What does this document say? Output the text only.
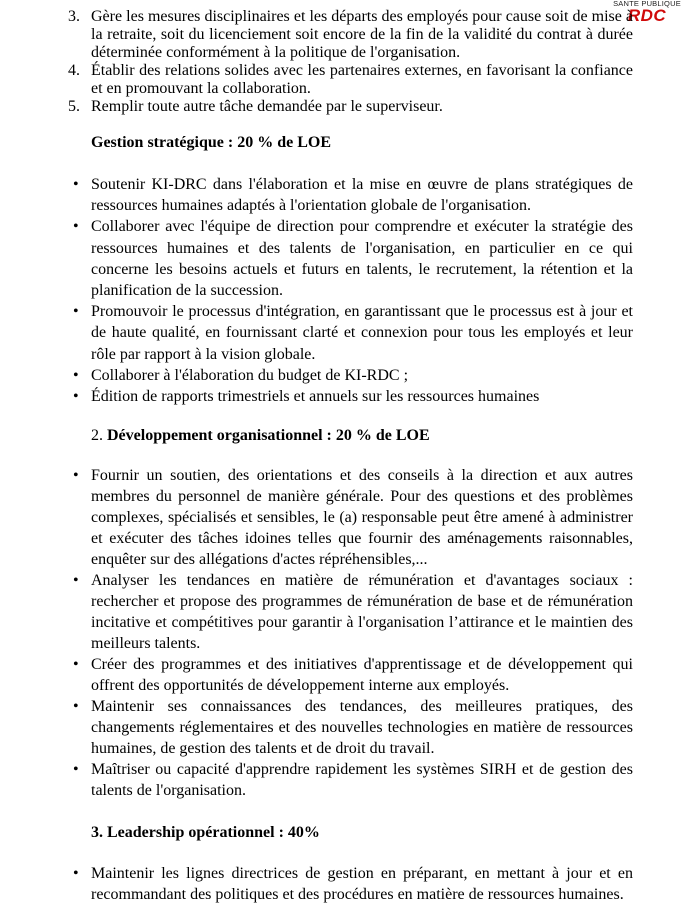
SANTE PUBLIQUE
RDC
3. Gère les mesures disciplinaires et les départs des employés pour cause soit de mise à la retraite, soit du licenciement soit encore de la fin de la validité du contrat à durée déterminée conformément à la politique de l'organisation.
4. Établir des relations solides avec les partenaires externes, en favorisant la confiance et en promouvant la collaboration.
5. Remplir toute autre tâche demandée par le superviseur.
Gestion stratégique : 20 % de LOE
• Soutenir KI-DRC dans l'élaboration et la mise en œuvre de plans stratégiques de ressources humaines adaptés à l'orientation globale de l'organisation.
• Collaborer avec l'équipe de direction pour comprendre et exécuter la stratégie des ressources humaines et des talents de l'organisation, en particulier en ce qui concerne les besoins actuels et futurs en talents, le recrutement, la rétention et la planification de la succession.
• Promouvoir le processus d'intégration, en garantissant que le processus est à jour et de haute qualité, en fournissant clarté et connexion pour tous les employés et leur rôle par rapport à la vision globale.
• Collaborer à l'élaboration du budget de KI-RDC ;
• Édition de rapports trimestriels et annuels sur les ressources humaines
2. Développement organisationnel : 20 % de LOE
• Fournir un soutien, des orientations et des conseils à la direction et aux autres membres du personnel de manière générale. Pour des questions et des problèmes complexes, spécialisés et sensibles, le (a) responsable peut être amené à administrer et exécuter des tâches idoines telles que fournir des aménagements raisonnables, enquêter sur des allégations d'actes répréhensibles,...
• Analyser les tendances en matière de rémunération et d'avantages sociaux : rechercher et propose des programmes de rémunération de base et de rémunération incitative et compétitives pour garantir à l'organisation l’attirance et le maintien des meilleurs talents.
• Créer des programmes et des initiatives d'apprentissage et de développement qui offrent des opportunités de développement interne aux employés.
• Maintenir ses connaissances des tendances, des meilleures pratiques, des changements réglementaires et des nouvelles technologies en matière de ressources humaines, de gestion des talents et de droit du travail.
• Maîtriser ou capacité d'apprendre rapidement les systèmes SIRH et de gestion des talents de l'organisation.
3. Leadership opérationnel : 40%
• Maintenir les lignes directrices de gestion en préparant, en mettant à jour et en recommandant des politiques et des procédures en matière de ressources humaines.
